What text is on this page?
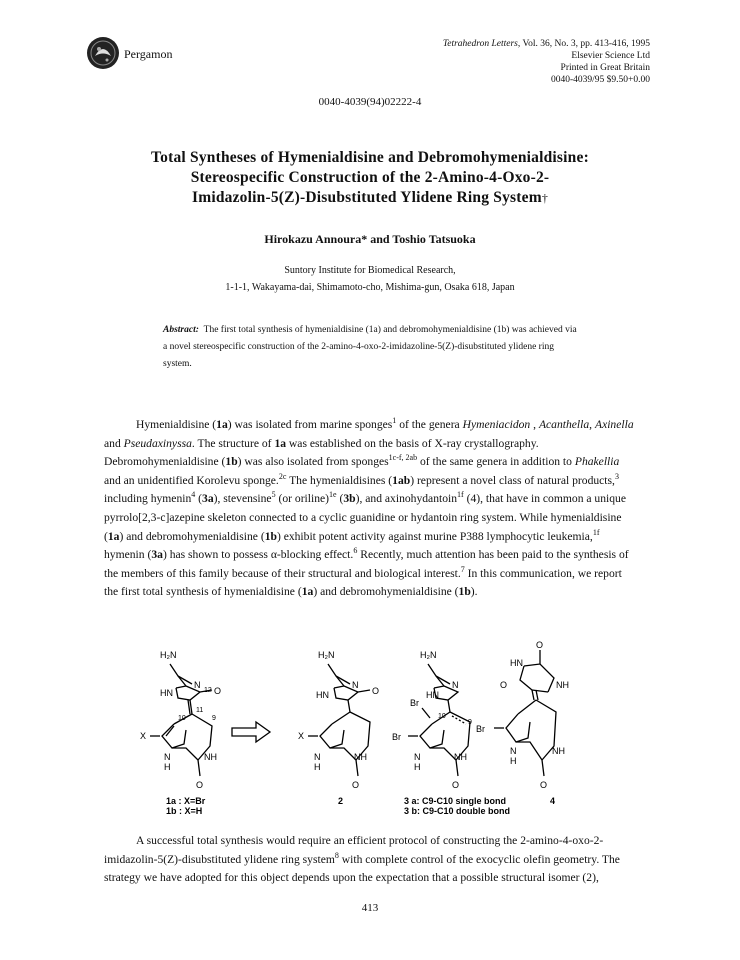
Pergamon
Tetrahedron Letters, Vol. 36, No. 3, pp. 413-416, 1995
Elsevier Science Ltd
Printed in Great Britain
0040-4039/95 $9.50+0.00
0040-4039(94)02222-4
Total Syntheses of Hymenialdisine and Debromohymenialdisine:
Stereospecific Construction of the 2-Amino-4-Oxo-2-
Imidazolin-5(Z)-Disubstituted Ylidene Ring System†
Hirokazu Annoura* and Toshio Tatsuoka
Suntory Institute for Biomedical Research,
1-1-1, Wakayama-dai, Shimamoto-cho, Mishima-gun, Osaka 618, Japan
Abstract: The first total synthesis of hymenialdisine (1a) and debromohymenialdisine (1b) was achieved via a novel stereospecific construction of the 2-amino-4-oxo-2-imidazoline-5(Z)-disubstituted ylidene ring system.

Hymenialdisine (1a) was isolated from marine sponges$^1$ of the genera Hymeniacidon , Acanthella, Axinella and Pseudaxinyssa. The structure of 1a was established on the basis of X-ray crystallography. Debromohymenialdisine (1b) was also isolated from sponges$^{1c-f, 2ab}$ of the same genera in addition to Phakellia and an unidentified Korolevu sponge.$^{2c}$ The hymenialdisines (1ab) represent a novel class of natural products,$^3$ including hymenin$^4$ (3a), stevensine$^5$ (or oriline)$^{1e}$ (3b), and axinohydantoin$^{1f}$ (4), that have in common a unique pyrrolo[2,3-c]azepine skeleton connected to a cyclic guanidine or hydantoin ring system. While hymenialdisine (1a) and debromohymenialdisine (1b) exhibit potent activity against murine P388 lymphocytic leukemia,$^{1f}$ hymenin (3a) has shown to possess α-blocking effect.$^6$ Recently, much attention has been paid to the synthesis of the members of this family because of their structural and biological interest.$^7$ In this communication, we report the first total synthesis of hymenialdisine (1a) and debromohymenialdisine (1b).

H₂N
N
12
HN	O
11
10	9
X
N
H
NH
O
H₂N
N
HN	O
X
N
H
NH
O
H₂N
N
HN
Br
10
9
Br
N
H
NH
O
O
HN
O	NH
Br
N
H
NH
O
1a : X=Br
1b : X=H
2	3 a: C9-C10 single bond
3 b: C9-C10 double bond
4

A successful total synthesis would require an efficient protocol of constructing the 2-amino-4-oxo-2-imidazolin-5(Z)-disubstituted ylidene ring system$^8$ with complete control of the exocyclic olefin geometry. The strategy we have adopted for this object depends upon the expectation that a possible structural isomer (2),

413
